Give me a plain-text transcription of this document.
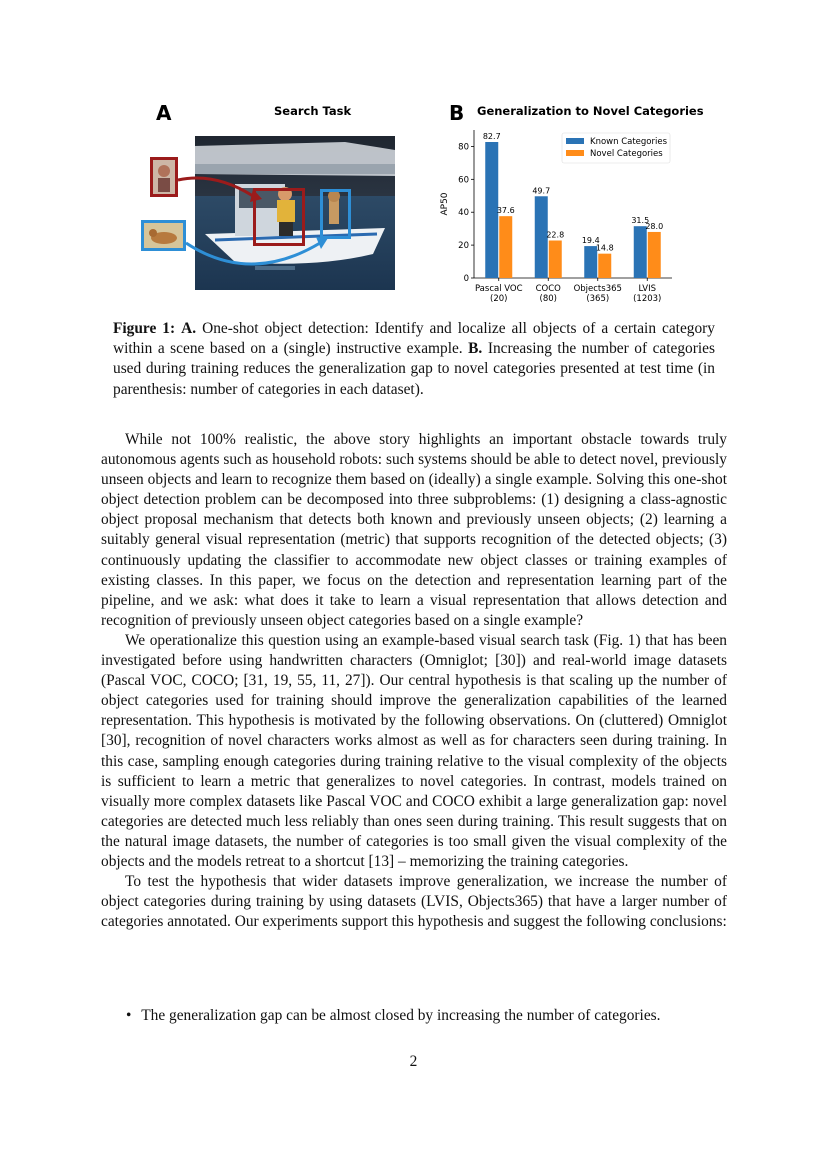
A	Search Task	B Generalization to Novel Categories
0
20
40
60
80
AP50
82.7
49.7
19.4
31.5
37.6
22.8
14.8
28.0
Pascal VOC
(20)
COCO
(80)
Objects365
(365)
LVIS
(1203)
Known Categories
Novel Categories

Figure 1: A. One-shot object detection: Identify and localize all objects of a certain category within a scene based on a (single) instructive example. B. Increasing the number of categories used during training reduces the generalization gap to novel categories presented at test time (in parenthesis: number of categories in each dataset).

While not 100% realistic, the above story highlights an important obstacle towards truly autonomous agents such as household robots: such systems should be able to detect novel, previously unseen objects and learn to recognize them based on (ideally) a single example. Solving this one-shot object detection problem can be decomposed into three subproblems: (1) designing a class-agnostic object proposal mechanism that detects both known and previously unseen objects; (2) learning a suitably general visual representation (metric) that supports recognition of the detected objects; (3) continuously updating the classifier to accommodate new object classes or training examples of existing classes. In this paper, we focus on the detection and representation learning part of the pipeline, and we ask: what does it take to learn a visual representation that allows detection and recognition of previously unseen object categories based on a single example?

We operationalize this question using an example-based visual search task (Fig. 1) that has been investigated before using handwritten characters (Omniglot; [30]) and real-world image datasets (Pascal VOC, COCO; [31, 19, 55, 11, 27]). Our central hypothesis is that scaling up the number of object categories used for training should improve the generalization capabilities of the learned representation. This hypothesis is motivated by the following observations. On (cluttered) Omniglot [30], recognition of novel characters works almost as well as for characters seen during training. In this case, sampling enough categories during training relative to the visual complexity of the objects is sufficient to learn a metric that generalizes to novel categories. In contrast, models trained on visually more complex datasets like Pascal VOC and COCO exhibit a large generalization gap: novel categories are detected much less reliably than ones seen during training. This result suggests that on the natural image datasets, the number of categories is too small given the visual complexity of the objects and the models retreat to a shortcut [13] – memorizing the training categories.

To test the hypothesis that wider datasets improve generalization, we increase the number of object categories during training by using datasets (LVIS, Objects365) that have a larger number of categories annotated. Our experiments support this hypothesis and suggest the following conclusions:

• The generalization gap can be almost closed by increasing the number of categories.
2
